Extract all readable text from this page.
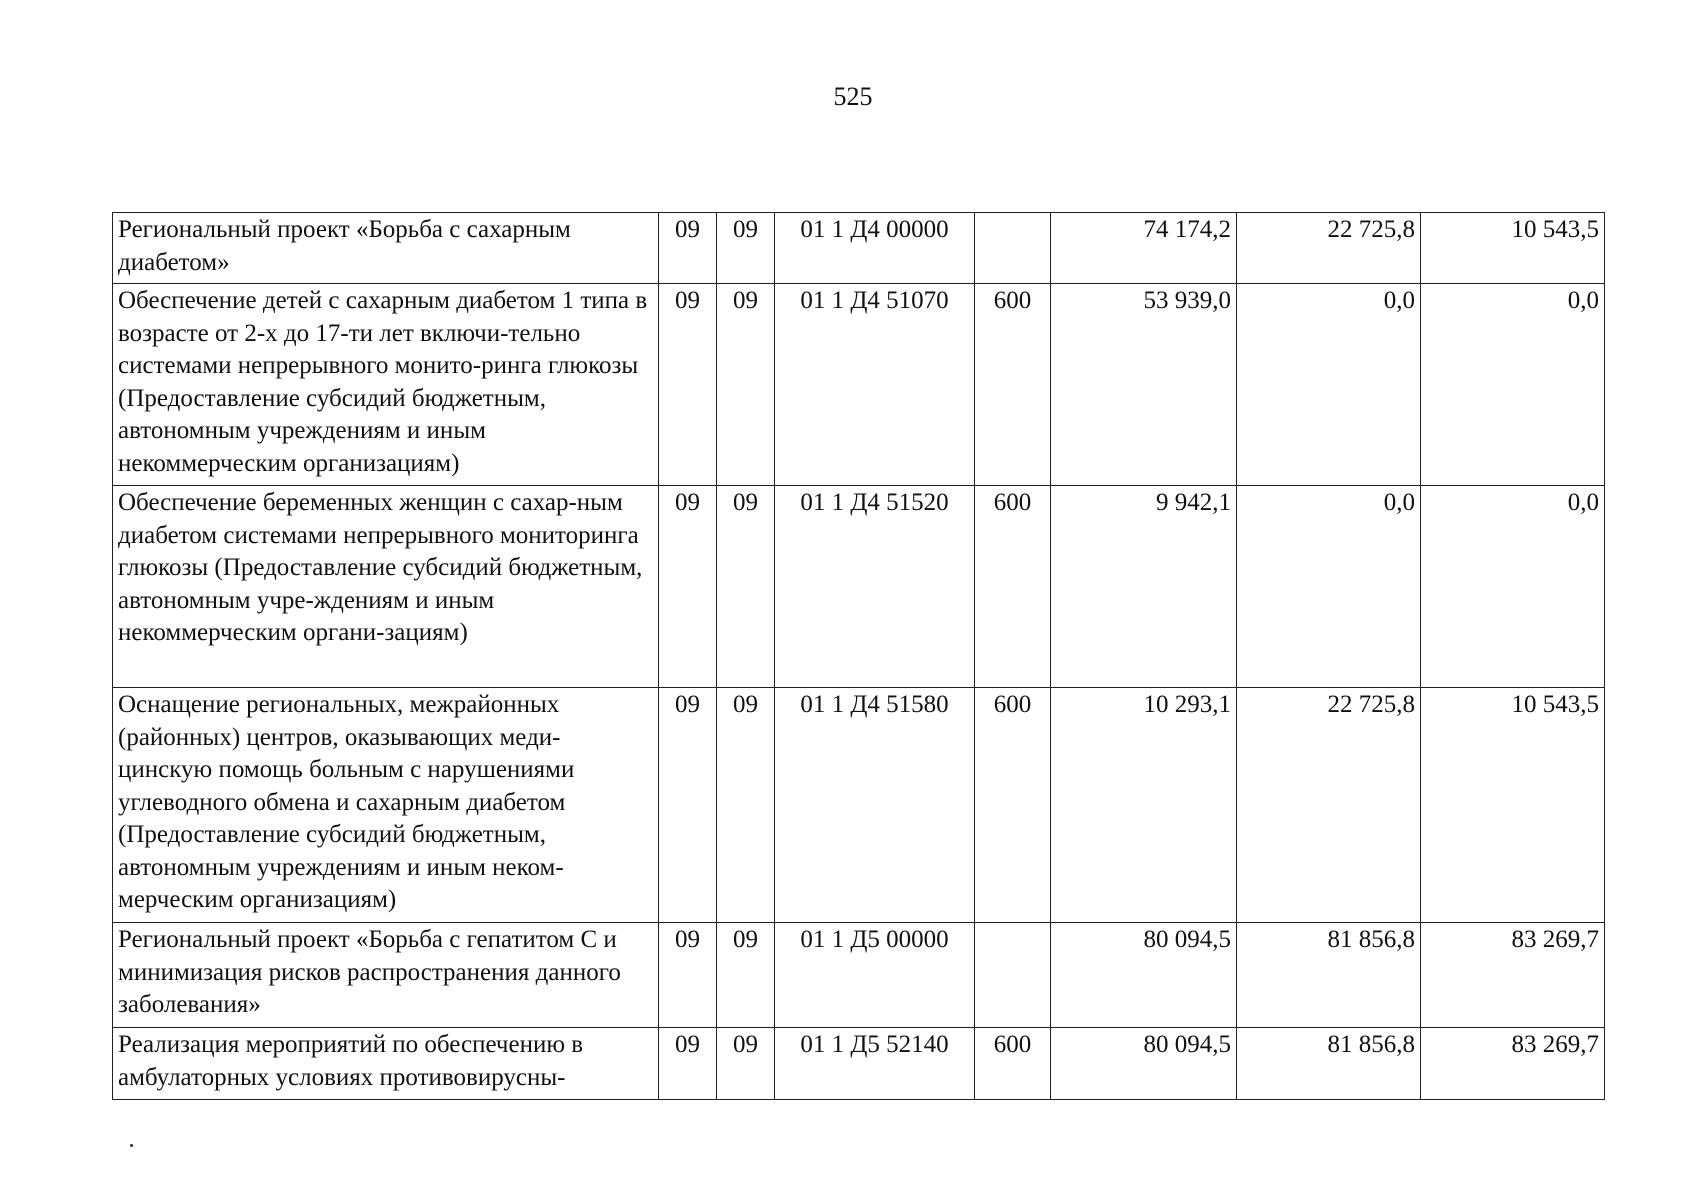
525
Региональный проект «Борьба с сахарным диабетом»	09	09	01 1 Д4 00000		74 174,2	22 725,8	10 543,5
Обеспечение детей с сахарным диабетом 1 типа в возрасте от 2-х до 17-ти лет включи-тельно системами непрерывного монито-ринга глюкозы (Предоставление субсидий бюджетным, автономным учреждениям и иным некоммерческим организациям)	09	09	01 1 Д4 51070	600	53 939,0	0,0	0,0
Обеспечение беременных женщин с сахар-ным диабетом системами непрерывного мониторинга глюкозы (Предоставление субсидий бюджетным, автономным учре-ждениям и иным некоммерческим органи-зациям)	09	09	01 1 Д4 51520	600	9 942,1	0,0	0,0
Оснащение региональных, межрайонных (районных) центров, оказывающих меди-цинскую помощь больным с нарушениями углеводного обмена и сахарным диабетом (Предоставление субсидий бюджетным, автономным учреждениям и иным неком-мерческим организациям)	09	09	01 1 Д4 51580	600	10 293,1	22 725,8	10 543,5
Региональный проект «Борьба с гепатитом С и минимизация рисков распространения данного заболевания»	09	09	01 1 Д5 00000		80 094,5	81 856,8	83 269,7
Реализация мероприятий по обеспечению в амбулаторных условиях противовирусны-	09	09	01 1 Д5 52140	600	80 094,5	81 856,8	83 269,7
